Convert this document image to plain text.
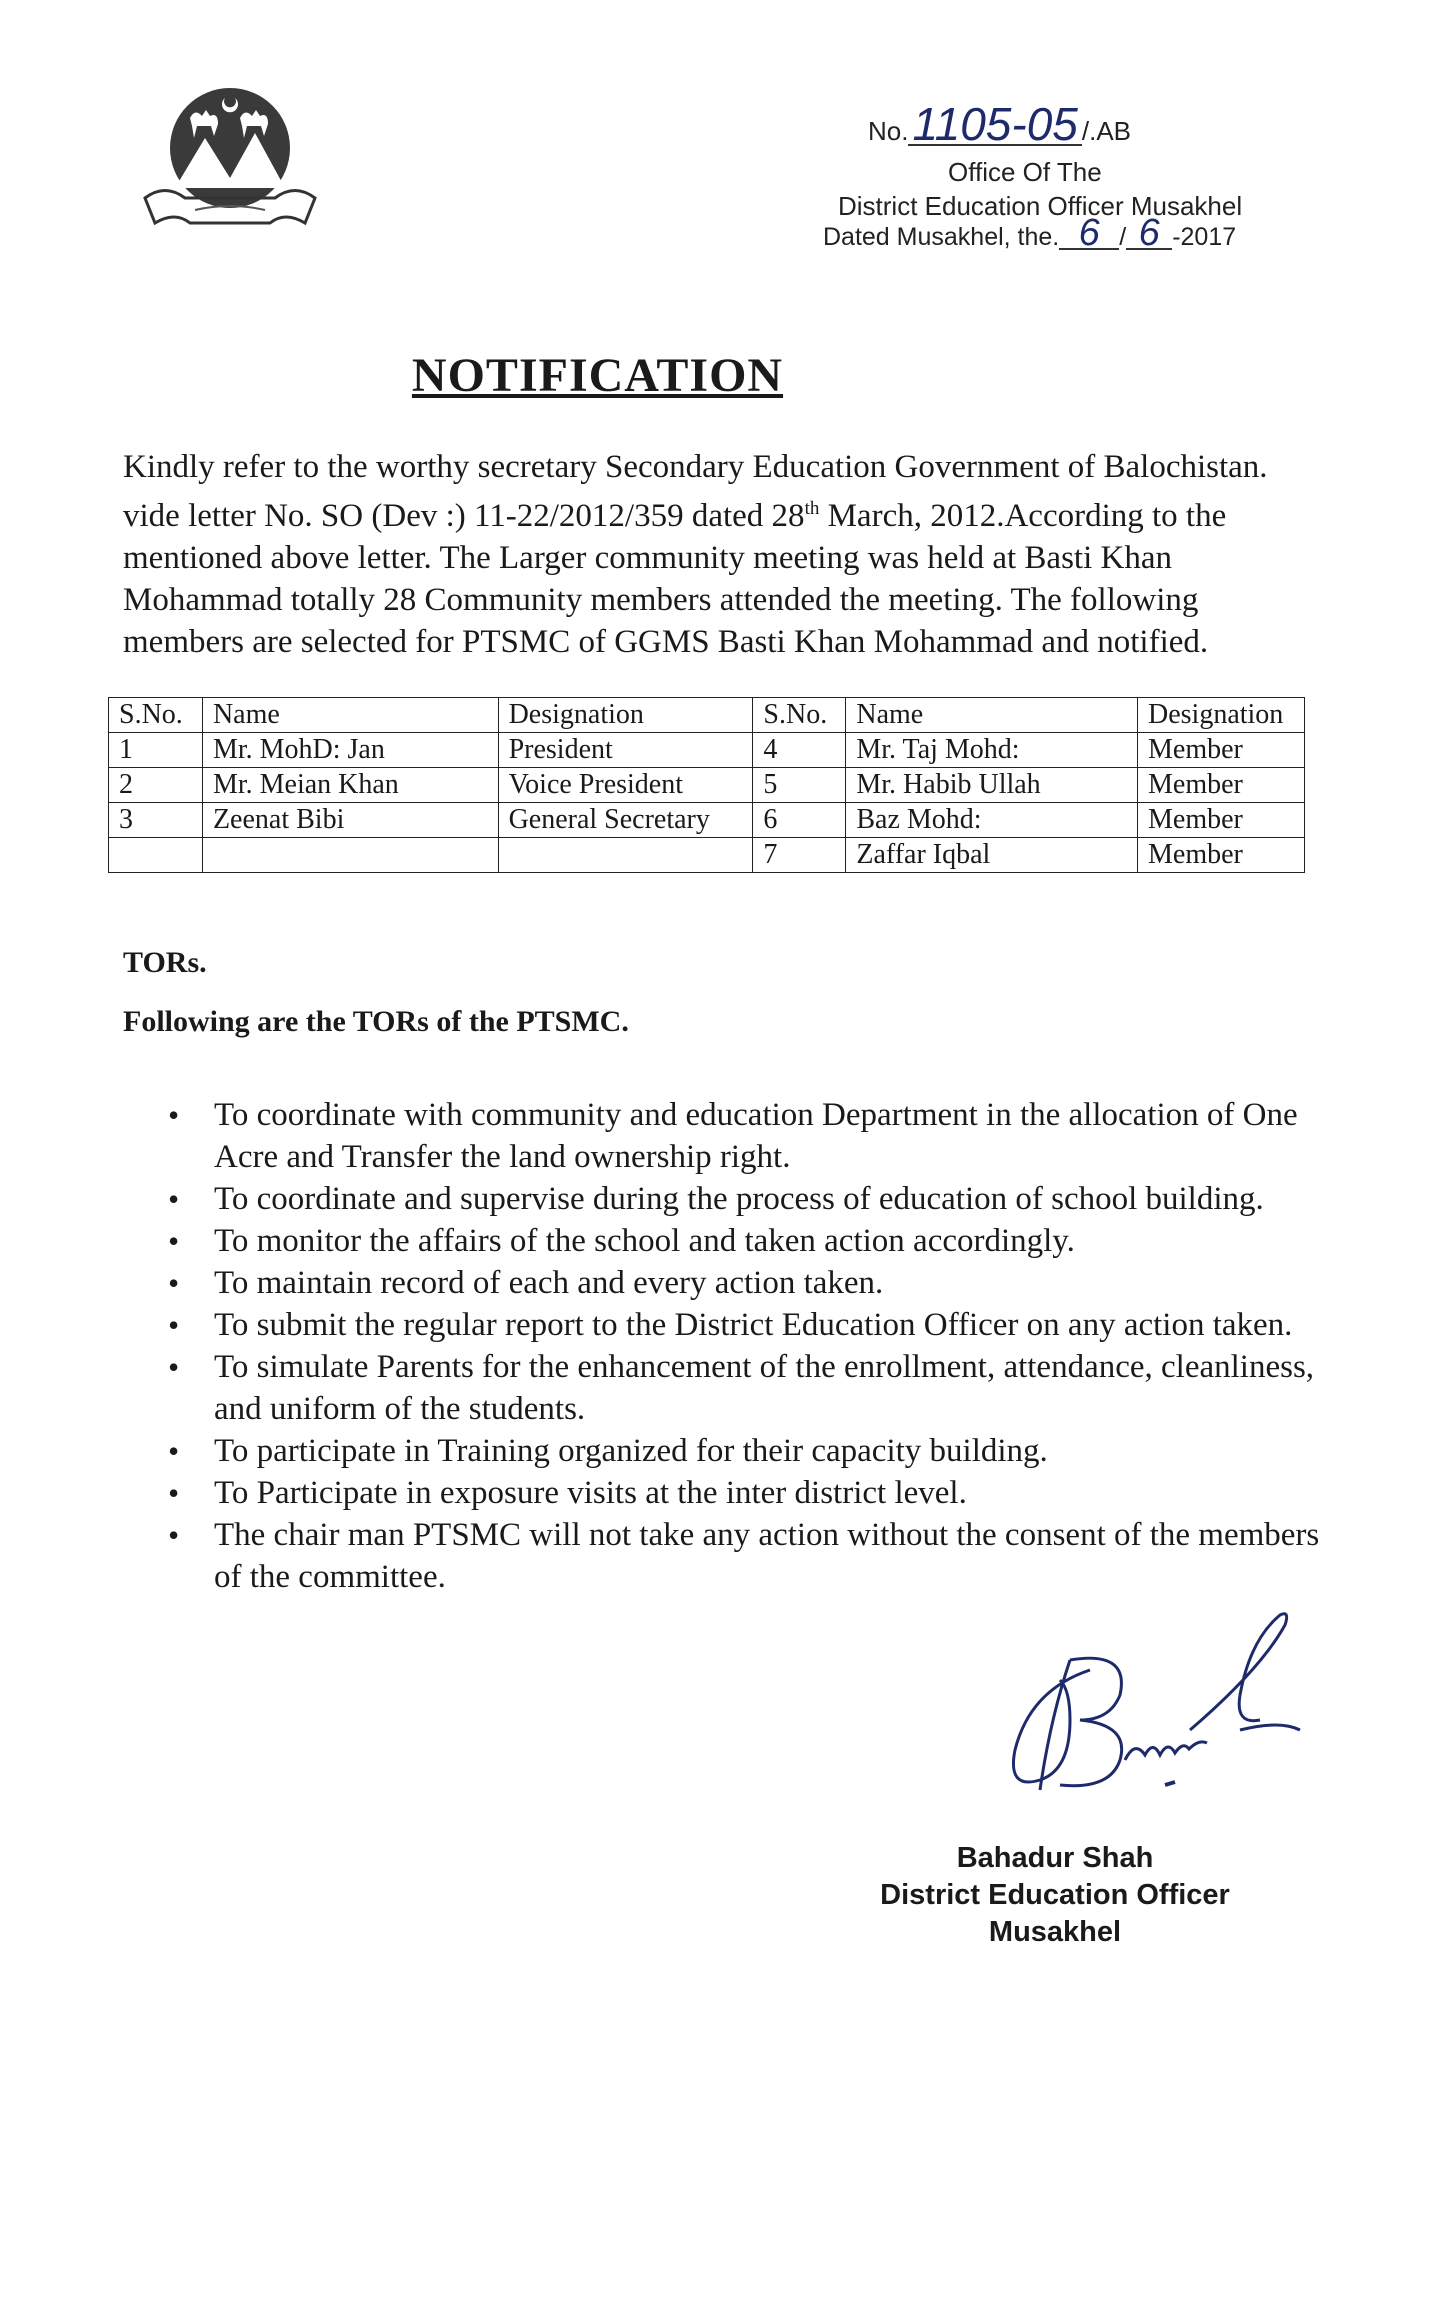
No.1105-05 /.AB
Office Of The
District Education Officer Musakhel
Dated Musakhel, the. 6 / 6 -2017
NOTIFICATION
Kindly refer to the worthy secretary Secondary Education Government of Balochistan. vide letter No. SO (Dev :) 11-22/2012/359 dated 28th March, 2012.According to the mentioned above letter. The Larger community meeting was held at Basti Khan Mohammad totally 28 Community members attended the meeting. The following members are selected for PTSMC of GGMS Basti Khan Mohammad and notified.
S.No.	Name	Designation	S.No.	Name	Designation
1	Mr. MohD: Jan	President	4	Mr. Taj Mohd:	Member
2	Mr. Meian Khan	Voice President	5	Mr. Habib Ullah	Member
3	Zeenat Bibi	General Secretary	6	Baz Mohd:	Member
			7	Zaffar Iqbal	Member
TORs.
Following are the TORs of the PTSMC.
• To coordinate with community and education Department in the allocation of One Acre and Transfer the land ownership right.
• To coordinate and supervise during the process of education of school building.
• To monitor the affairs of the school and taken action accordingly.
• To maintain record of each and every action taken.
• To submit the regular report to the District Education Officer on any action taken.
• To simulate Parents for the enhancement of the enrollment, attendance, cleanliness, and uniform of the students.
• To participate in Training organized for their capacity building.
• To Participate in exposure visits at the inter district level.
• The chair man PTSMC will not take any action without the consent of the members of the committee.
Bahadur Shah
District Education Officer
Musakhel
